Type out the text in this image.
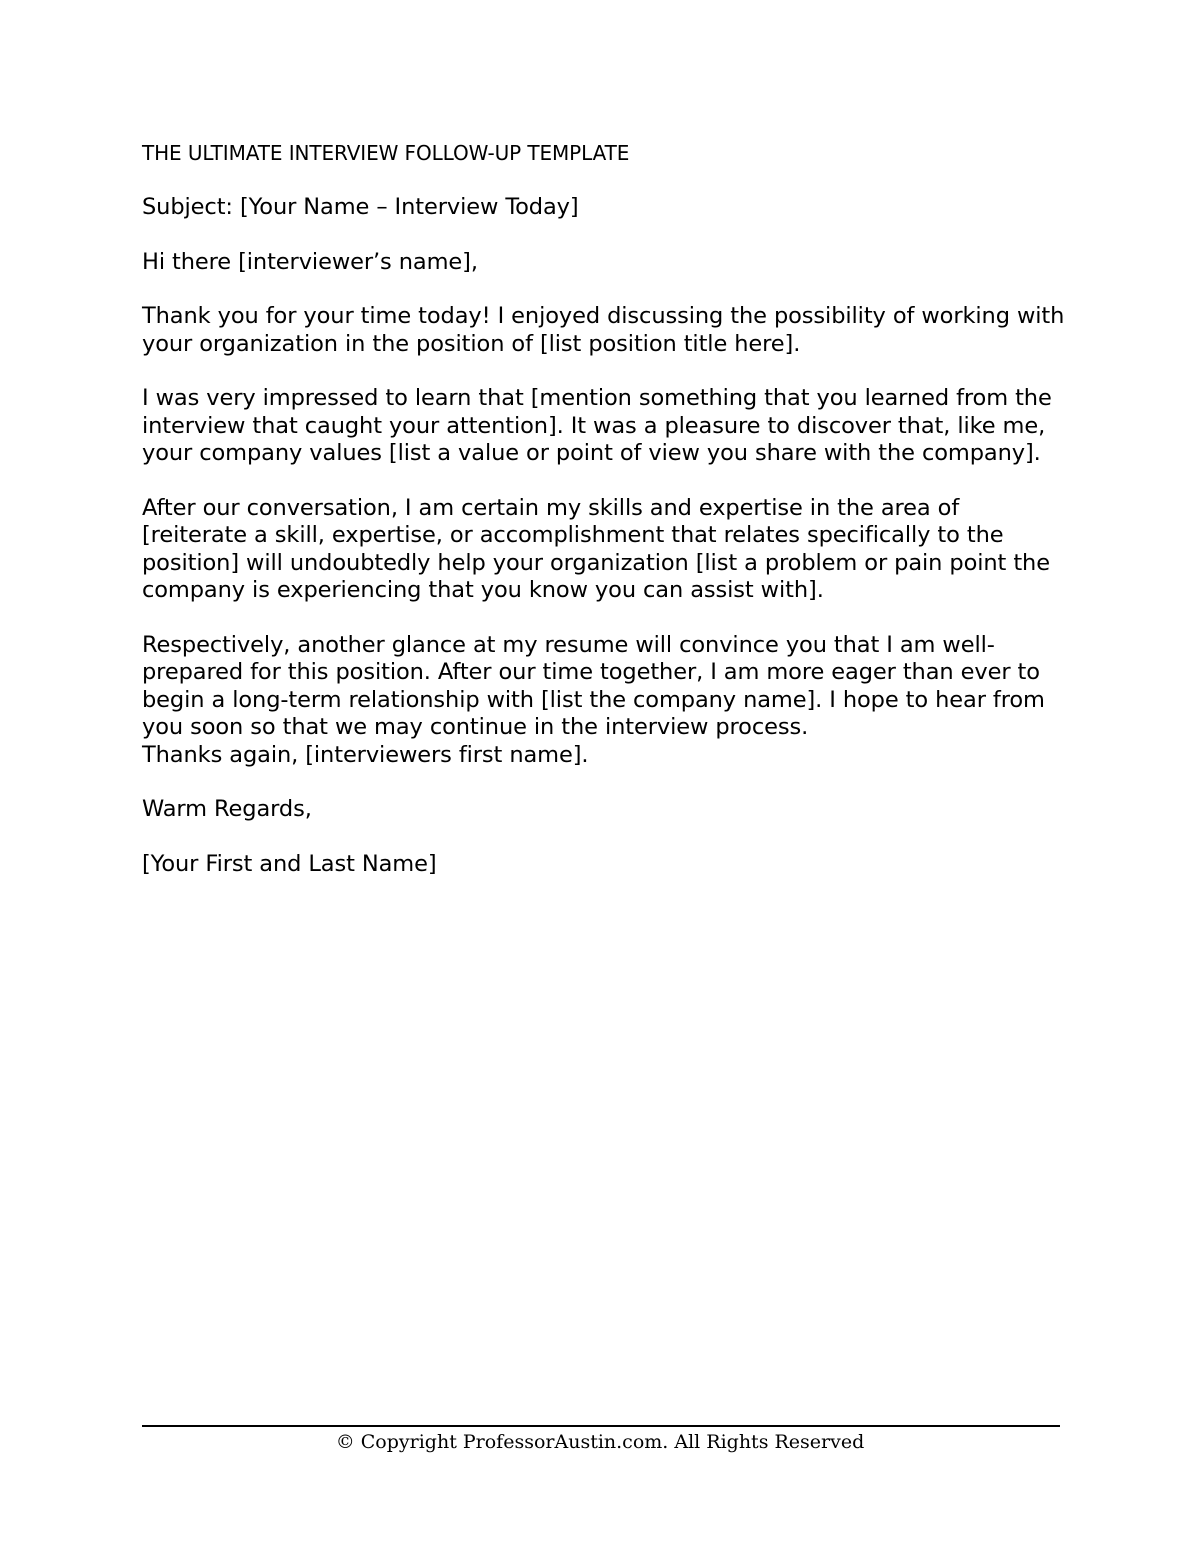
THE ULTIMATE INTERVIEW FOLLOW-UP TEMPLATE
Subject: [Your Name – Interview Today]
Hi there [interviewer’s name],
Thank you for your time today! I enjoyed discussing the possibility of working with your organization in the position of [list position title here].
I was very impressed to learn that [mention something that you learned from the interview that caught your attention]. It was a pleasure to discover that, like me, your company values [list a value or point of view you share with the company].
After our conversation, I am certain my skills and expertise in the area of [reiterate a skill, expertise, or accomplishment that relates specifically to the position] will undoubtedly help your organization [list a problem or pain point the company is experiencing that you know you can assist with].
Respectively, another glance at my resume will convince you that I am well-prepared for this position. After our time together, I am more eager than ever to begin a long-term relationship with [list the company name]. I hope to hear from you soon so that we may continue in the interview process.
Thanks again, [interviewers first name].
Warm Regards,
[Your First and Last Name]
© Copyright ProfessorAustin.com. All Rights Reserved
